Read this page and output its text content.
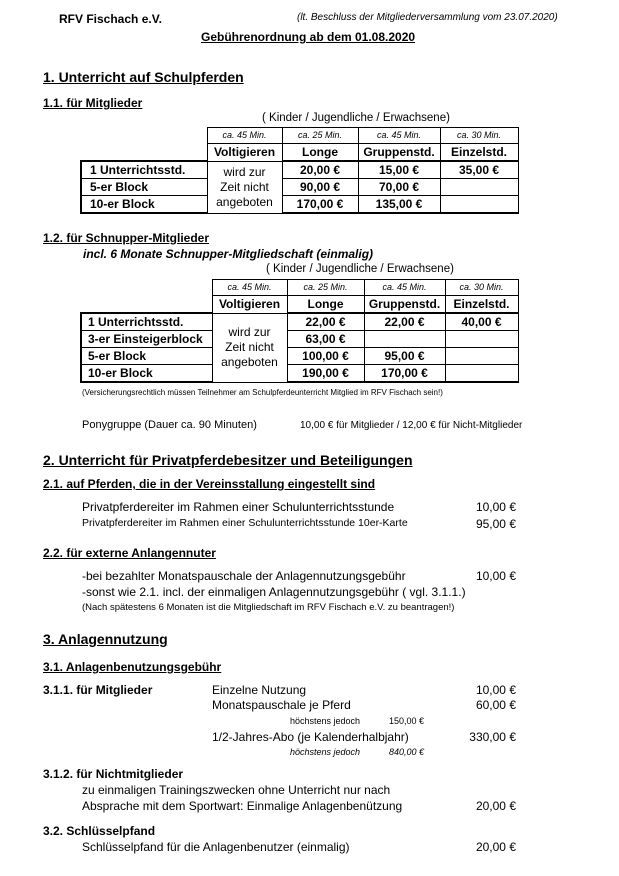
RFV Fischach e.V.	(lt. Beschluss der Mitgliederversammlung vom 23.07.2020)
Gebührenordnung ab dem 01.08.2020
1. Unterricht auf Schulpferden
1.1. für Mitglieder
( Kinder / Jugendliche / Erwachsene)
	ca. 45 Min.	ca. 25 Min.	ca. 45 Min.	ca. 30 Min.
	Voltigieren	Longe	Gruppenstd.	Einzelstd.
1 Unterrichtsstd.	wird zur Zeit nicht angeboten	20,00 €	15,00 €	35,00 €
5-er Block		90,00 €	70,00 €	
10-er Block		170,00 €	135,00 €	
1.2. für Schnupper-Mitglieder
incl. 6 Monate Schnupper-Mitgliedschaft (einmalig)
( Kinder / Jugendliche / Erwachsene)
	ca. 45 Min.	ca. 25 Min.	ca. 45 Min.	ca. 30 Min.
	Voltigieren	Longe	Gruppenstd.	Einzelstd.
1 Unterrichtsstd.	wird zur Zeit nicht angeboten	22,00 €	22,00 €	40,00 €
3-er Einsteigerblock		63,00 €		
5-er Block		100,00 €	95,00 €	
10-er Block		190,00 €	170,00 €	
(Versicherungsrechtlich müssen Teilnehmer am Schulpferdeunterricht Mitglied im RFV Fischach sein!)
Ponygruppe (Dauer ca. 90 Minuten)	10,00 € für Mitglieder / 12,00 € für Nicht-Mitglieder
2. Unterricht für Privatpferdebesitzer und Beteiligungen
2.1. auf Pferden, die in der Vereinsstallung eingestellt sind
Privatpferdereiter im Rahmen einer Schulunterrichtsstunde	10,00 €
Privatpferdereiter im Rahmen einer Schulunterrichtsstunde 10er-Karte	95,00 €
2.2. für externe Anlangennuter
-bei bezahlter Monatspauschale der Anlagennutzungsgebühr	10,00 €
-sonst wie 2.1. incl. der einmaligen Anlagennutzungsgebühr ( vgl. 3.1.1.)
(Nach spätestens 6 Monaten ist die Mitgliedschaft im RFV Fischach e.V. zu beantragen!)
3. Anlagennutzung
3.1. Anlagenbenutzungsgebühr
3.1.1. für Mitglieder	Einzelne Nutzung	10,00 €
Monatspauschale je Pferd	60,00 €
höchstens jedoch	150,00 €
1/2-Jahres-Abo (je Kalenderhalbjahr)	330,00 €
höchstens jedoch	840,00 €
3.1.2. für Nichtmitglieder
zu einmaligen Trainingszwecken ohne Unterricht nur nach
Absprache mit dem Sportwart: Einmalige Anlagenbenützung	20,00 €
3.2. Schlüsselpfand
Schlüsselpfand für die Anlagenbenutzer (einmalig)	20,00 €
